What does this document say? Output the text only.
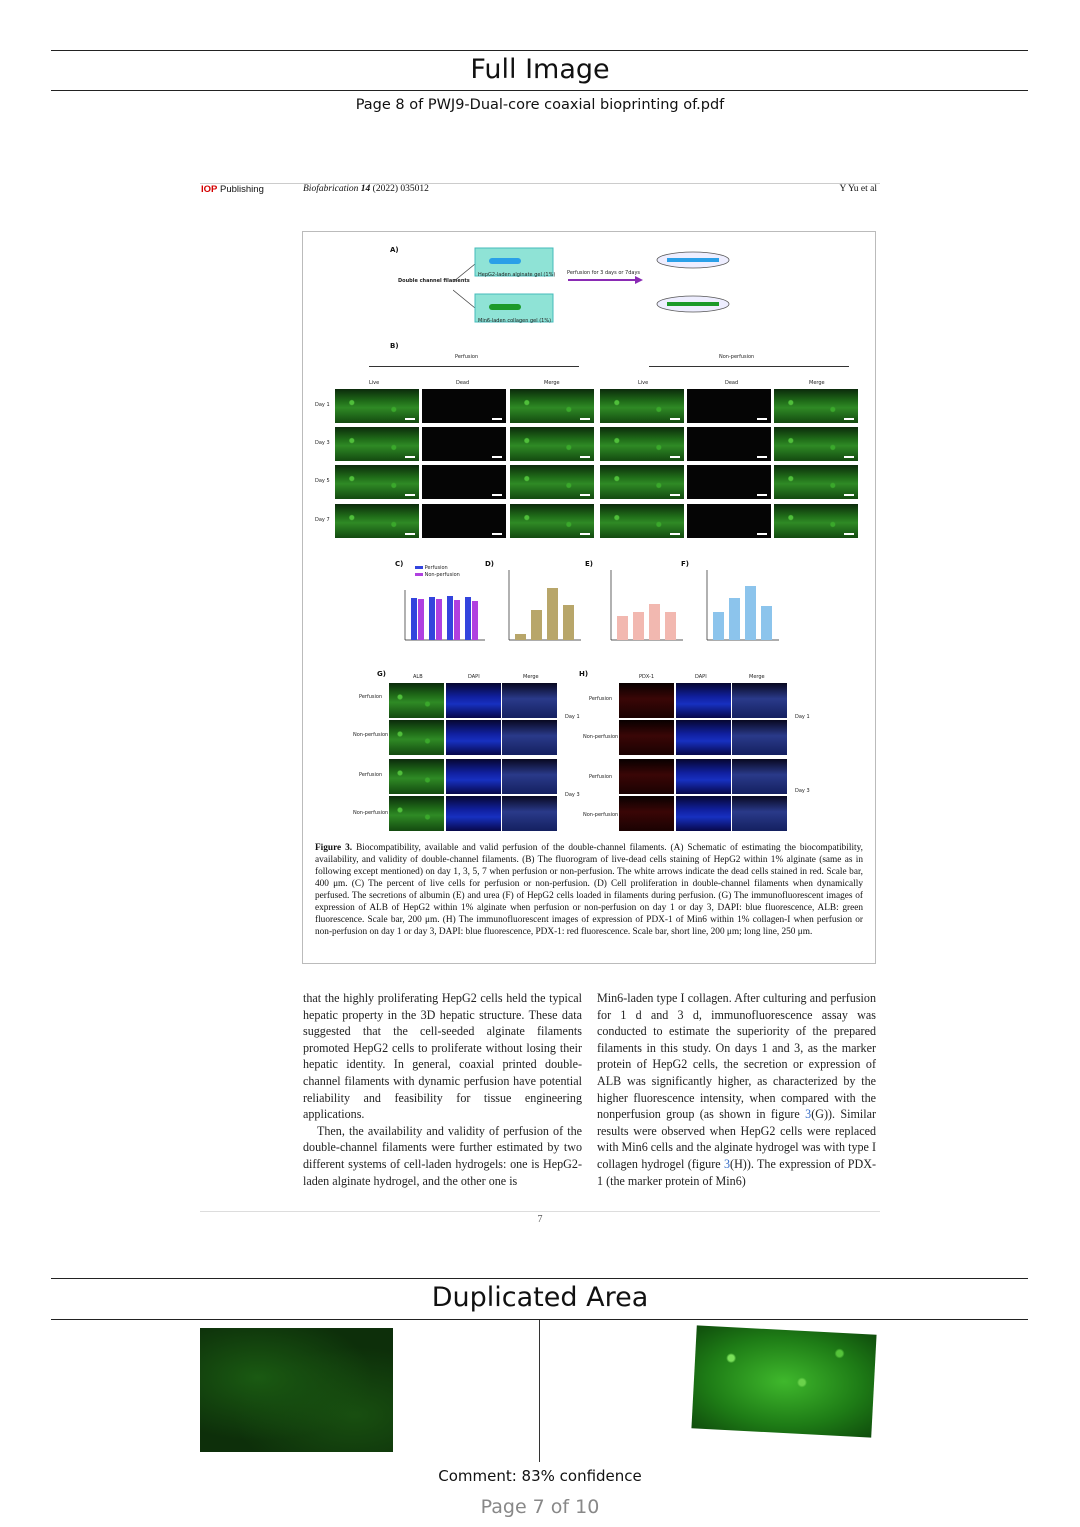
Full Image
Page 8 of PWJ9-Dual-core coaxial bioprinting of.pdf
IOP Publishing	Biofabrication 14 (2022) 035012	Y Yu et al
A)
Double channel filaments
HepG2-laden alginate gel (1%)
Min6-laden collagen gel (1%)
Perfusion for 3 days or 7days
B)
Perfusion	Non-perfusion
Live	Dead	Merge	Live	Dead	Merge
Day 1
Day 3
Day 5
Day 7
C)	Perfusion
Non-perfusion
D)	E)	F)
G)	H)
ALB	DAPI	Merge	PDX-1	DAPI	Merge
Perfusion
Non-perfusion
Perfusion
Non-perfusion
Perfusion
Non-perfusion
Perfusion
Non-perfusion
Day 1
Day 3
Day 1
Day 3
Figure 3. Biocompatibility, available and valid perfusion of the double-channel filaments. (A) Schematic of estimating the biocompatibility, availability, and validity of double-channel filaments. (B) The fluorogram of live-dead cells staining of HepG2 within 1% alginate (same as in following except mentioned) on day 1, 3, 5, 7 when perfusion or non-perfusion. The white arrows indicate the dead cells stained in red. Scale bar, 400 μm. (C) The percent of live cells for perfusion or non-perfusion. (D) Cell proliferation in double-channel filaments when dynamically perfused. The secretions of albumin (E) and urea (F) of HepG2 cells loaded in filaments during perfusion. (G) The immunofluorescent images of expression of ALB of HepG2 within 1% alginate when perfusion or non-perfusion on day 1 or day 3, DAPI: blue fluorescence, ALB: green fluorescence. Scale bar, 200 μm. (H) The immunofluorescent images of expression of PDX-1 of Min6 within 1% collagen-I when perfusion or non-perfusion on day 1 or day 3, DAPI: blue fluorescence, PDX-1: red fluorescence. Scale bar, short line, 200 μm; long line, 250 μm.
that the highly proliferating HepG2 cells held the typical hepatic property in the 3D hepatic structure. These data suggested that the cell-seeded alginate filaments promoted HepG2 cells to proliferate without losing their hepatic identity. In general, coaxial printed double-channel filaments with dynamic perfusion have potential reliability and feasibility for tissue engineering applications.
Then, the availability and validity of perfusion of the double-channel filaments were further estimated by two different systems of cell-laden hydrogels: one is HepG2-laden alginate hydrogel, and the other one is
Min6-laden type I collagen. After culturing and perfusion for 1 d and 3 d, immunofluorescence assay was conducted to estimate the superiority of the prepared filaments in this study. On days 1 and 3, as the marker protein of HepG2 cells, the secretion or expression of ALB was significantly higher, as characterized by the higher fluorescence intensity, when compared with the nonperfusion group (as shown in figure 3(G)). Similar results were observed when HepG2 cells were replaced with Min6 cells and the alginate hydrogel was with type I collagen hydrogel (figure 3(H)). The expression of PDX-1 (the marker protein of Min6)
7
Duplicated Area
Comment: 83% confidence
Page 7 of 10
